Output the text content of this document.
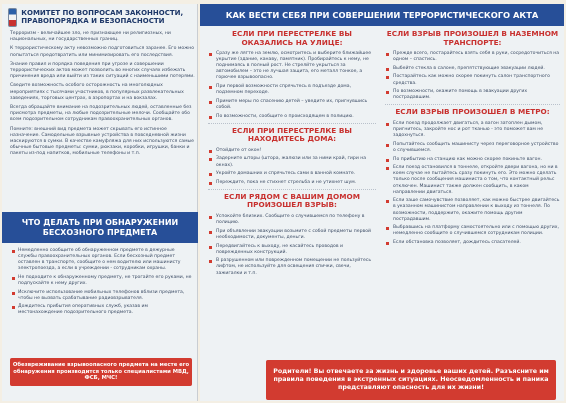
КОМИТЕТ ПО ВОПРОСАМ ЗАКОННОСТИ, ПРАВОПОРЯДКА И БЕЗОПАСНОСТИ

Терроризм - величайшее зло, не признающее ни религиозных, ни национальных, ни государственных границ.

К террористическому акту невозможно подготовиться заранее. Его можно попытаться предотвратить или минимизировать его последствия.

Знание правил и порядка поведения при угрозе и совершении террористических актов может позволить во многих случаях избежать причинения вреда или выйти из таких ситуаций с наименьшими потерями.

Сведите возможность особого осторожность на многолюдных мероприятиях с тысячами участников, в популярных развлекательных заведениях, торговых центрах, в аэропортах и на вокзалах.

Всегда обращайте внимание на подозрительных людей, оставленные без присмотра предметы, на любые подозрительные мелочи. Сообщайте обо всем подозрительном сотрудникам правоохранительных органов.

Помните: внешний вид предмета может скрывать его истинное назначение. Самодельные взрывные устройства в повседневной жизни маскируются в сумки. В качестве камуфляжа для них используются самые обычные бытовые предметы: сумки, рюкзаки, коробки, игрушки, банки и пакеты из-под напитков, мобильные телефоны и т.п.

ЧТО ДЕЛАТЬ ПРИ ОБНАРУЖЕНИИ БЕСХОЗНОГО ПРЕДМЕТА
Немедленно сообщите об обнаруженном предмете в дежурные службы правоохранительных органов. Если бесхозный предмет оставлен в транспорте, сообщите о нем водителю или машинисту электропоезда, а если в учреждении - сотрудникам охраны.
Не подходите к обнаруженному предмету, не трогайте его руками, не подпускайте к нему других.
Исключите использование мобильных телефонов вблизи предмета, чтобы не вызвать срабатывание радиовзрывателя.
Дождитесь прибытия оперативных служб, указав им местонахождение подозрительного предмета.
Обезвреживание взрывоопасного предмета на месте его обнаружения производится только специалистами МВД, ФСБ, МЧС!
КАК ВЕСТИ СЕБЯ ПРИ СОВЕРШЕНИИ ТЕРРОРИСТИЧЕСКОГО АКТА
ЕСЛИ ПРИ ПЕРЕСТРЕЛКЕ ВЫ ОКАЗАЛИСЬ НА УЛИЦЕ:
Сразу же лягте на землю, осмотритесь и выберите ближайшее укрытие (здание, канаву, памятник). Пробирайтесь к нему, не поднимаясь в полный рост. Не стрелйте укрыться за автомобилем – это не лучшая защита, его металл тонкое, а горючее взрывоопасно.
При первой возможности спрячьтесь в подъезде дома, подземном переходе.
Примите меры по спасению детей – уведите их, пригнувшись собой.
По возможности, сообщите о происходящем в полицию.
ЕСЛИ ПРИ ПЕРЕСТРЕЛКЕ ВЫ НАХОДИТЕСЬ ДОМА:
Отойдите от окон!
Задерните шторы (штора, жалюзи или за ними край, гири на окнах).
Укройте домашних и спрячьтесь сами в ванной комнате.
Переждите, пока не стихнет стрельба и не утихнет шум.
ЕСЛИ РЯДОМ С ВАШИМ ДОМОМ ПРОИЗОШЕЛ ВЗРЫВ:
Успокойте близких. Сообщите о случившемся по телефону в полицию.
При объявлении эвакуации возьмите с собой предметы первой необходимости, документы, деньги.
Передвигайтесь к выходу, не касайтесь проводов и поврежденных конструкций.
В разрушенном или поврежденном помещении не пользуйтесь лифтом, не используйте для освещения спички, свечи, зажигалки и т.п.
ЕСЛИ ВЗРЫВ ПРОИЗОШЕЛ В НАЗЕМНОМ ТРАНСПОРТЕ:
Прежде всего, постарайтесь взять себя в руки, сосредоточиться на одном – спастись.
Выбейте стекла в салоне, препятствующие эвакуации людей.
Постарайтесь как можно скорее покинуть салон транспортного средства.
По возможности, окажите помощь в эвакуации других пострадавшим.
ЕСЛИ ВЗРЫВ ПРОИЗОШЕЛ В МЕТРО:
Если поезд продолжает двигаться, а вагон затоплен дымом, пригнитесь, закройте нос и рот тканью - это поможет вам не задохнуться.
Попытайтесь сообщить машинисту через переговорное устройство о случившемся.
По прибытию на станцию как можно скорее покиньте вагон.
Если поезд остановился в тоннеле, откройте двери вагона, но ни в коем случае не пытайтесь сразу покинуть его. Это можно сделать только после сообщения машиниста о том, что контактный рельс отключен. Машинист также должен сообщить, в каком направлении двигаться.
Если заше самочувствие позволяет, как можно быстрее двигайтесь в указанном машинистом направлении к выходу из тоннеля. По возможности, поддержите, окажите помощь другим пострадавшим.
Выбравшись на платформу самостоятельно или с помощью других, немедленно сообщите о случившемся сотрудникам полиции.
Если обстановка позволяет, дождитесь спасателей.
Родители! Вы отвечаете за жизнь и здоровье ваших детей. Разъясните им правила поведения в экстренных ситуациях. Неосведомленность и паника представляют опасность для их жизни!
